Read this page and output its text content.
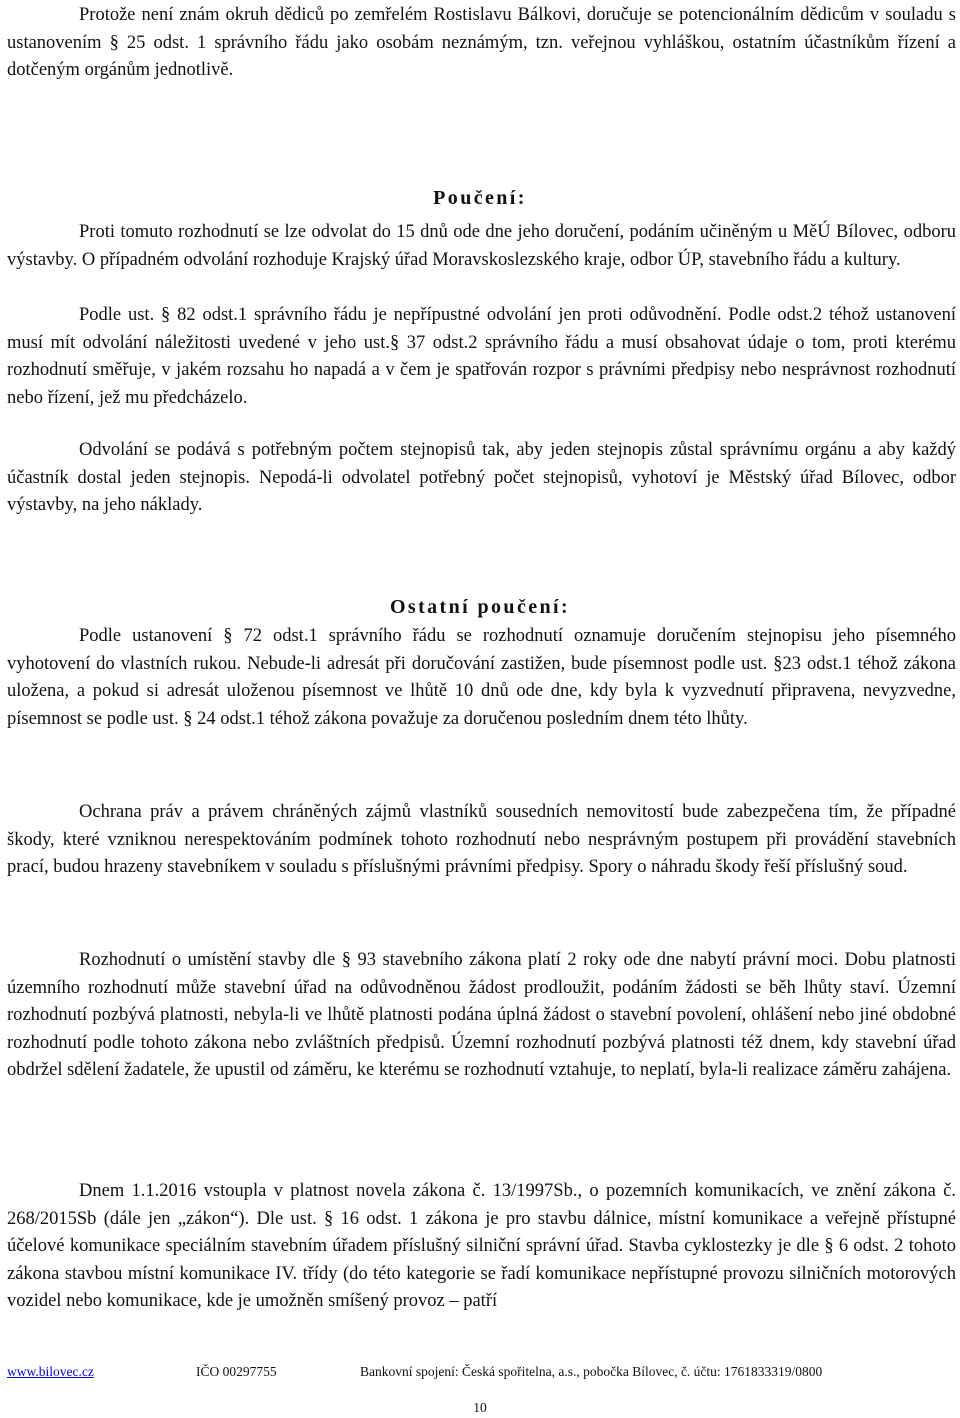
Protože není znám okruh dědiců po zemřelém Rostislavu Bálkovi, doručuje se potencionálním dědicům v souladu s ustanovením § 25 odst. 1 správního řádu jako osobám neznámým, tzn. veřejnou vyhláškou, ostatním účastníkům řízení a dotčeným orgánům jednotlivě.

Poučení:

Proti tomuto rozhodnutí se lze odvolat do 15 dnů ode dne jeho doručení, podáním učiněným u MěÚ Bílovec, odboru výstavby. O případném odvolání rozhoduje Krajský úřad Moravskoslezského kraje, odbor ÚP, stavebního řádu a kultury.

Podle ust. § 82 odst.1 správního řádu je nepřípustné odvolání jen proti odůvodnění. Podle odst.2 téhož ustanovení musí mít odvolání náležitosti uvedené v jeho ust.§ 37 odst.2 správního řádu a musí obsahovat údaje o tom, proti kterému rozhodnutí směřuje, v jakém rozsahu ho napadá a v čem je spatřován rozpor s právními předpisy nebo nesprávnost rozhodnutí nebo řízení, jež mu předcházelo.

Odvolání se podává s potřebným počtem stejnopisů tak, aby jeden stejnopis zůstal správnímu orgánu a aby každý účastník dostal jeden stejnopis. Nepodá-li odvolatel potřebný počet stejnopisů, vyhotoví je Městský úřad Bílovec, odbor výstavby, na jeho náklady.

Ostatní poučení:

Podle ustanovení § 72 odst.1 správního řádu se rozhodnutí oznamuje doručením stejnopisu jeho písemného vyhotovení do vlastních rukou. Nebude-li adresát při doručování zastižen, bude písemnost podle ust. §23 odst.1 téhož zákona uložena, a pokud si adresát uloženou písemnost ve lhůtě 10 dnů ode dne, kdy byla k vyzvednutí připravena, nevyzvedne, písemnost se podle ust. § 24 odst.1 téhož zákona považuje za doručenou posledním dnem této lhůty.

Ochrana práv a právem chráněných zájmů vlastníků sousedních nemovitostí bude zabezpečena tím, že případné škody, které vzniknou nerespektováním podmínek tohoto rozhodnutí nebo nesprávným postupem při provádění stavebních prací, budou hrazeny stavebníkem v souladu s příslušnými právními předpisy. Spory o náhradu škody řeší příslušný soud.

Rozhodnutí o umístění stavby dle § 93 stavebního zákona platí 2 roky ode dne nabytí právní moci. Dobu platnosti územního rozhodnutí může stavební úřad na odůvodněnou žádost prodloužit, podáním žádosti se běh lhůty staví. Územní rozhodnutí pozbývá platnosti, nebyla-li ve lhůtě platnosti podána úplná žádost o stavební povolení, ohlášení nebo jiné obdobné rozhodnutí podle tohoto zákona nebo zvláštních předpisů. Územní rozhodnutí pozbývá platnosti též dnem, kdy stavební úřad obdržel sdělení žadatele, že upustil od záměru, ke kterému se rozhodnutí vztahuje, to neplatí, byla-li realizace záměru zahájena.

Dnem 1.1.2016 vstoupla v platnost novela zákona č. 13/1997Sb., o pozemních komunikacích, ve znění zákona č. 268/2015Sb (dále jen „zákon“). Dle ust. § 16 odst. 1 zákona je pro stavbu dálnice, místní komunikace a veřejně přístupné účelové komunikace speciálním stavebním úřadem příslušný silniční správní úřad. Stavba cyklostezky je dle § 6 odst. 2 tohoto zákona stavbou místní komunikace IV. třídy (do této kategorie se řadí komunikace nepřístupné provozu silničních motorových vozidel nebo komunikace, kde je umožněn smíšený provoz – patří

www.bilovec.cz	IČO 00297755	Bankovní spojení: Česká spořitelna, a.s., pobočka Bílovec, č. účtu: 1761833319/0800
10
